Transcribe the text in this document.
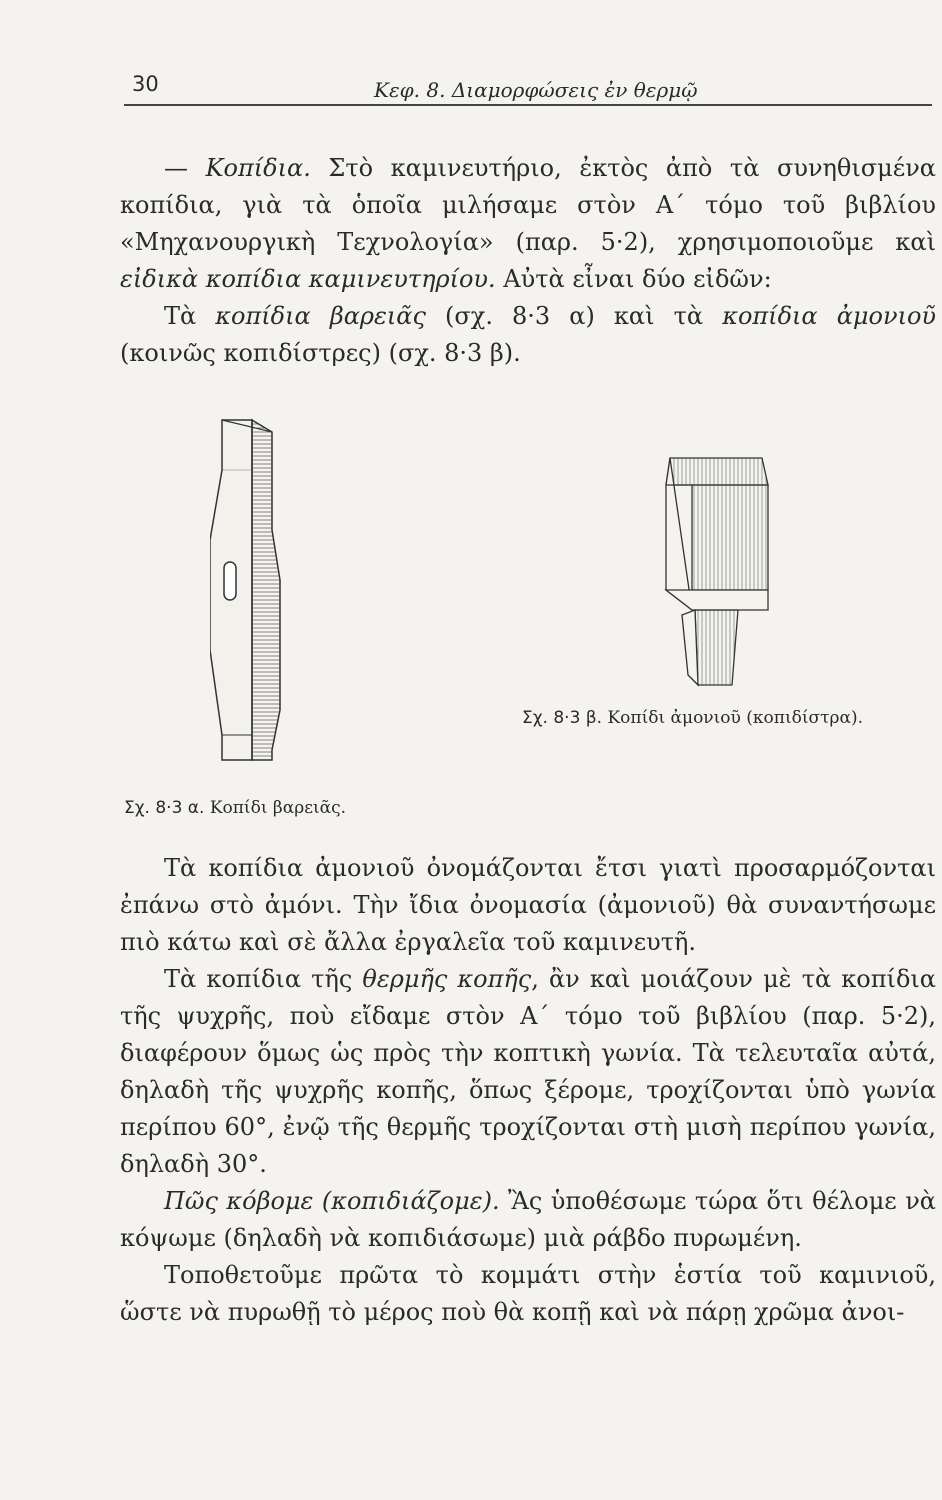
30	Κεφ. 8. Διαμορφώσεις ἐν θερμῷ

— Κοπίδια. Στὸ καμινευτήριο, ἐκτὸς ἀπὸ τὰ συνηθισμένα κοπίδια, γιὰ τὰ ὁποῖα μιλήσαμε στὸν Α΄ τόμο τοῦ βιβλίου «Μηχανουργικὴ Τεχνολογία» (παρ. 5·2), χρησιμοποιοῦμε καὶ εἰδικὰ κοπίδια καμινευτηρίου. Αὐτὰ εἶναι δύο εἰδῶν:

Τὰ κοπίδια βαρειᾶς (σχ. 8·3 α) καὶ τὰ κοπίδια ἀμονιοῦ (κοινῶς κοπιδίστρες) (σχ. 8·3 β).

Σχ. 8·3 β. Κοπίδι ἀμονιοῦ (κοπιδίστρα).
Σχ. 8·3 α. Κοπίδι βαρειᾶς.

Τὰ κοπίδια ἀμονιοῦ ὀνομάζονται ἔτσι γιατὶ προσαρμόζονται ἐπάνω στὸ ἀμόνι. Τὴν ἴδια ὀνομασία (ἀμονιοῦ) θὰ συναντήσωμε πιὸ κάτω καὶ σὲ ἄλλα ἐργαλεῖα τοῦ καμινευτῆ.

Τὰ κοπίδια τῆς θερμῆς κοπῆς, ἂν καὶ μοιάζουν μὲ τὰ κοπίδια τῆς ψυχρῆς, ποὺ εἴδαμε στὸν Α΄ τόμο τοῦ βιβλίου (παρ. 5·2), διαφέρουν ὅμως ὡς πρὸς τὴν κοπτικὴ γωνία. Τὰ τελευταῖα αὐτά, δηλαδὴ τῆς ψυχρῆς κοπῆς, ὅπως ξέρομε, τροχίζονται ὑπὸ γωνία περίπου 60°, ἐνῷ τῆς θερμῆς τροχίζονται στὴ μισὴ περίπου γωνία, δηλαδὴ 30°.

Πῶς κόβομε (κοπιδιάζομε). Ἂς ὑποθέσωμε τώρα ὅτι θέλομε νὰ κόψωμε (δηλαδὴ νὰ κοπιδιάσωμε) μιὰ ράβδο πυρωμένη.

Τοποθετοῦμε πρῶτα τὸ κομμάτι στὴν ἑστία τοῦ καμινιοῦ, ὥστε νὰ πυρωθῇ τὸ μέρος ποὺ θὰ κοπῇ καὶ νὰ πάρῃ χρῶμα ἀνοι-
